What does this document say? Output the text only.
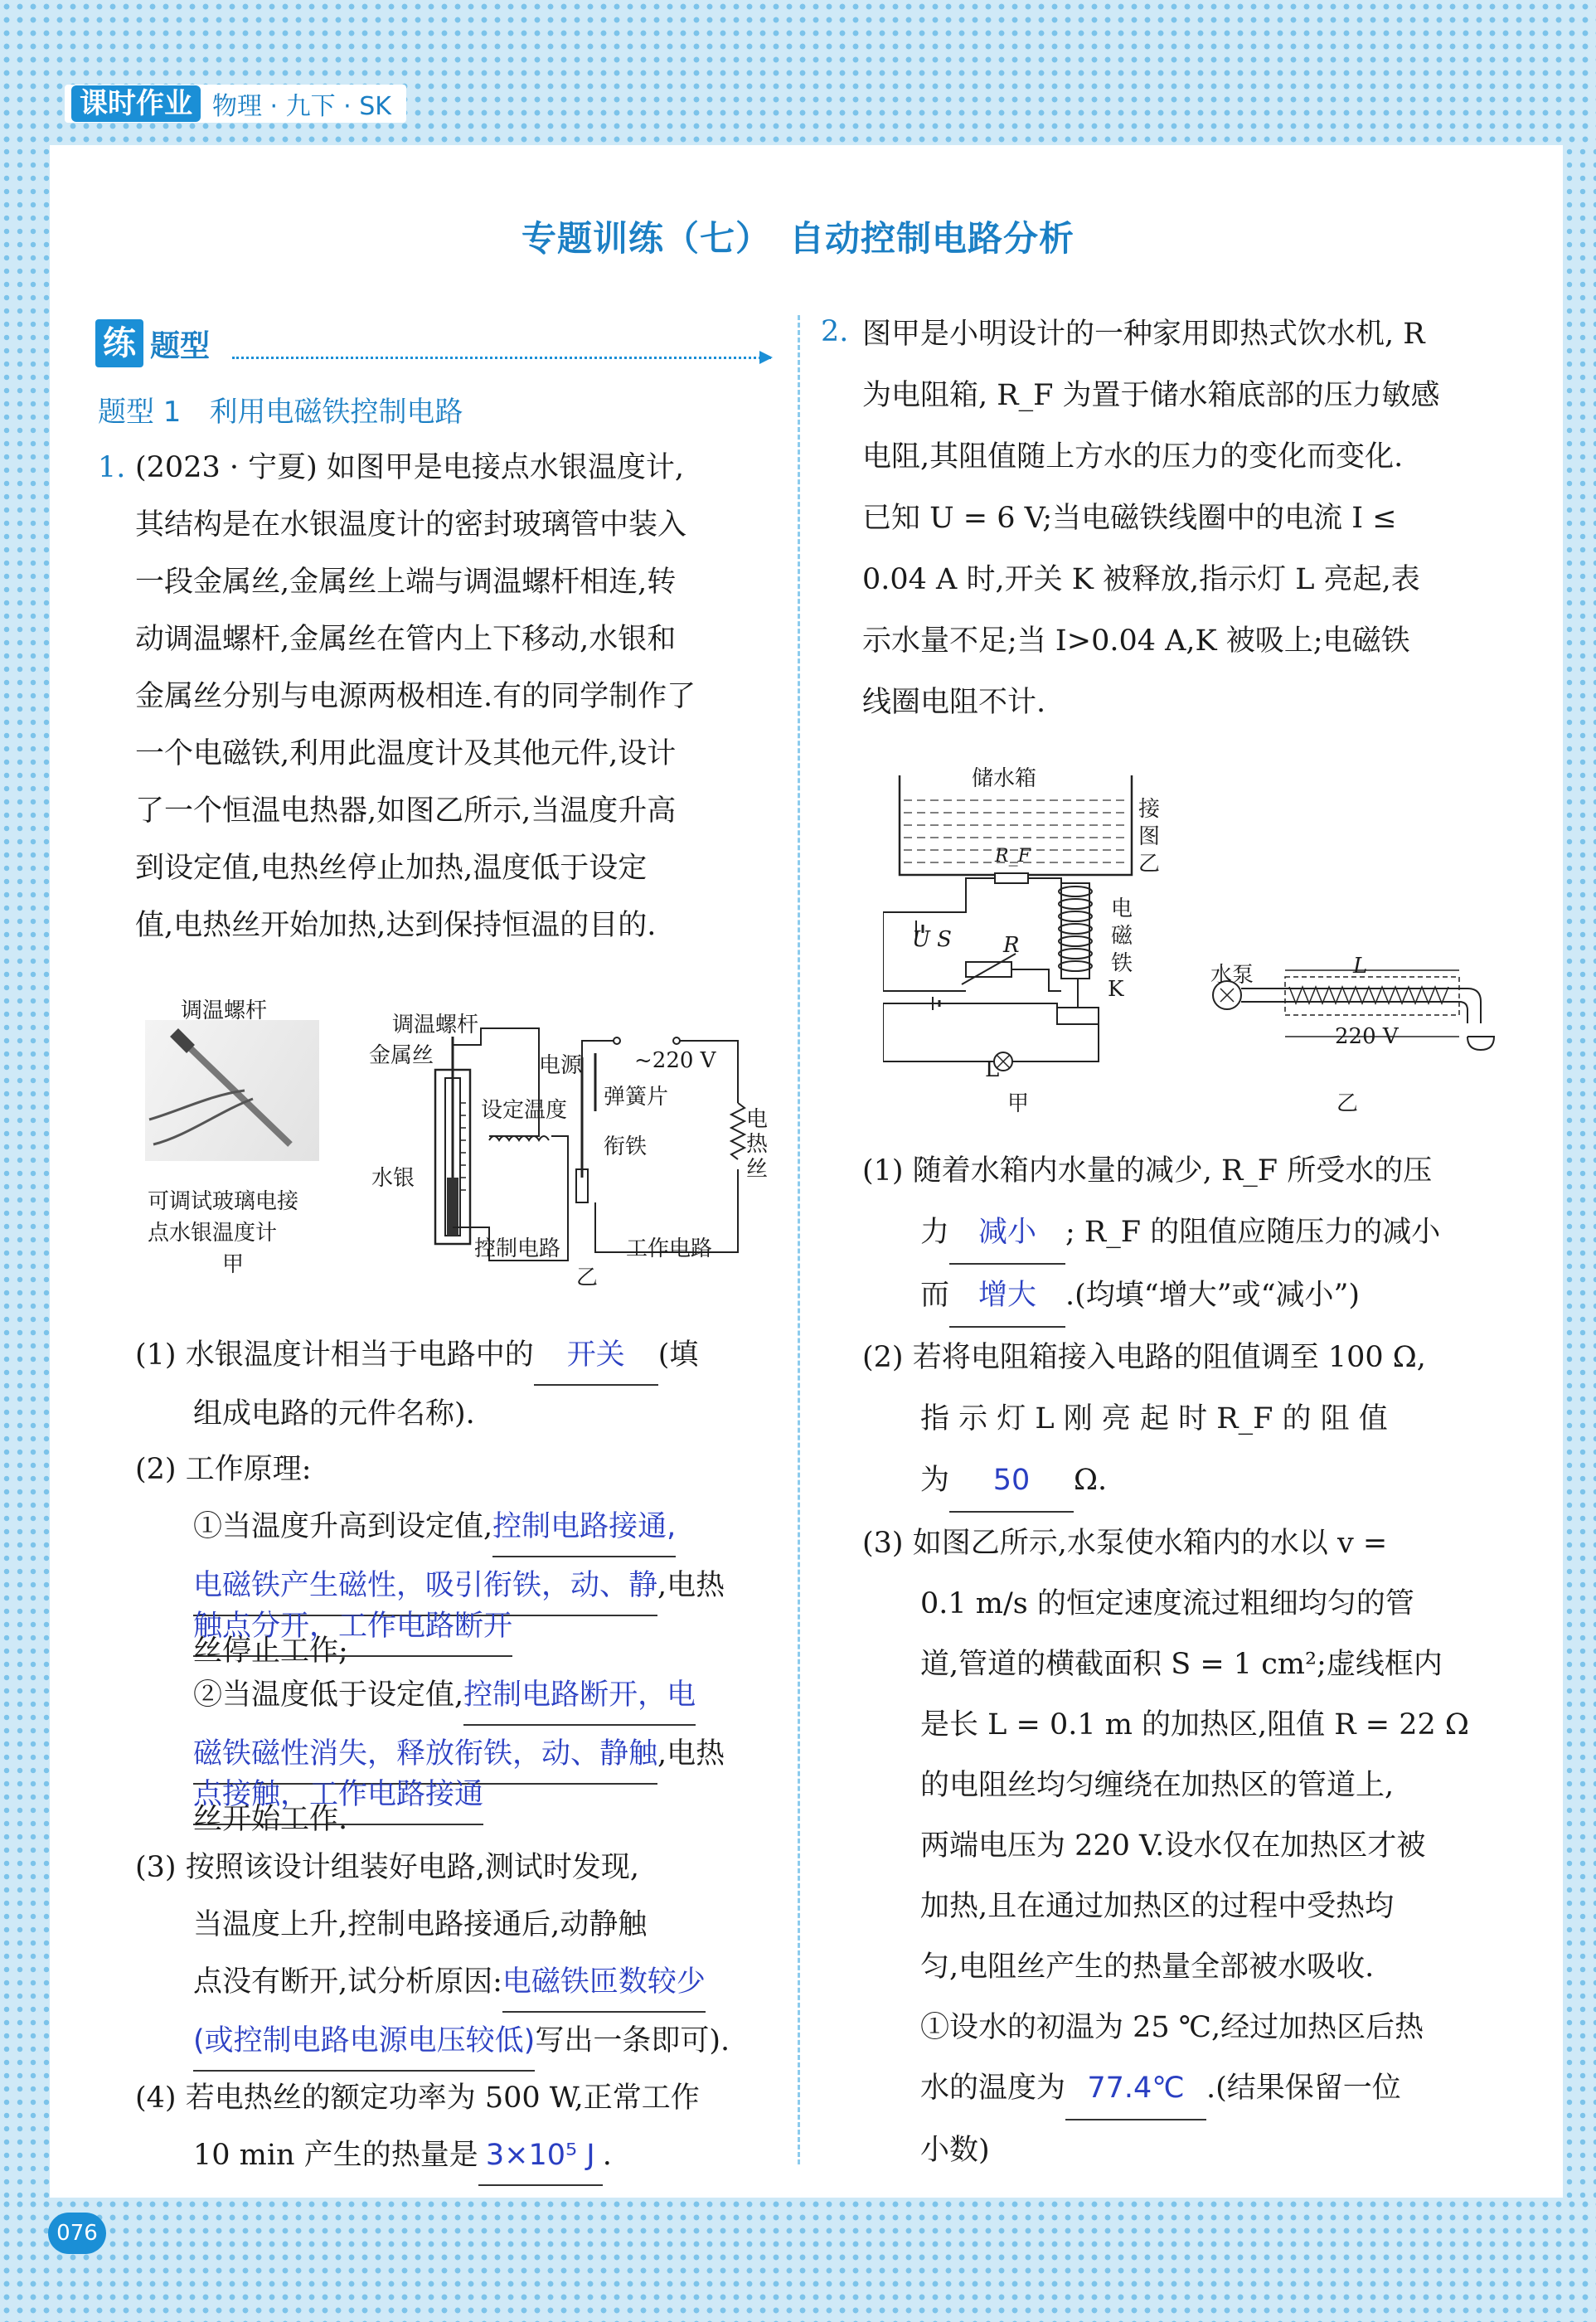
课时作业 物理 · 九下 · SK
专题训练（七）　自动控制电路分析
练 题型
题型 1　利用电磁铁控制电路
1. (2023 · 宁夏) 如图甲是电接点水银温度计,
其结构是在水银温度计的密封玻璃管中装入
一段金属丝,金属丝上端与调温螺杆相连,转
动调温螺杆,金属丝在管内上下移动,水银和
金属丝分别与电源两极相连.有的同学制作了
一个电磁铁,利用此温度计及其他元件,设计
了一个恒温电热器,如图乙所示,当温度升高
到设定值,电热丝停止加热,温度低于设定
值,电热丝开始加热,达到保持恒温的目的.
调温螺杆
可调试玻璃电接
点水银温度计
甲
调温螺杆
金属丝	电源 ~220 V
弹簧片
设定温度
衔铁
水银
电热丝
控制电路	工作电路
乙
(1) 水银温度计相当于电路中的 开关 (填
组成电路的元件名称).
(2) 工作原理:
①当温度升高到设定值,控制电路接通,
电磁铁产生磁性，吸引衔铁，动、静,电热
触点分开，工作电路断开
丝停止工作;
②当温度低于设定值,控制电路断开，电
磁铁磁性消失，释放衔铁，动、静触,电热
点接触，工作电路接通
丝开始工作.
(3) 按照该设计组装好电路,测试时发现,
当温度上升,控制电路接通后,动静触
点没有断开,试分析原因:电磁铁匝数较少
(或控制电路电源电压较低)写出一条即可).
(4) 若电热丝的额定功率为 500 W,正常工作
10 min 产生的热量是 3×10⁵ J .
2. 图甲是小明设计的一种家用即热式饮水机, R
为电阻箱, R_F 为置于储水箱底部的压力敏感
电阻,其阻值随上方水的压力的变化而变化.
已知 U = 6 V;当电磁铁线圈中的电流 I ≤
0.04 A 时,开关 K 被释放,指示灯 L 亮起,表
示水量不足;当 I>0.04 A,K 被吸上;电磁铁
线圈电阻不计.
储水箱
R_F
U S R
电
磁
铁
K
L
接
图
乙
甲
水泵	L
220 V
乙
(1) 随着水箱内水量的减少, R_F 所受水的压
力 减小 ; R_F 的阻值应随压力的减小
而 增大 .(均填“增大”或“减小”)
(2) 若将电阻箱接入电路的阻值调至 100 Ω,
指 示 灯 L 刚 亮 起 时 R_F 的 阻 值
为 50 Ω.
(3) 如图乙所示,水泵使水箱内的水以 v =
0.1 m/s 的恒定速度流过粗细均匀的管
道,管道的横截面积 S = 1 cm²;虚线框内
是长 L = 0.1 m 的加热区,阻值 R = 22 Ω
的电阻丝均匀缠绕在加热区的管道上,
两端电压为 220 V.设水仅在加热区才被
加热,且在通过加热区的过程中受热均
匀,电阻丝产生的热量全部被水吸收.
①设水的初温为 25 ℃,经过加热区后热
水的温度为 77.4℃ .(结果保留一位
小数)
076
